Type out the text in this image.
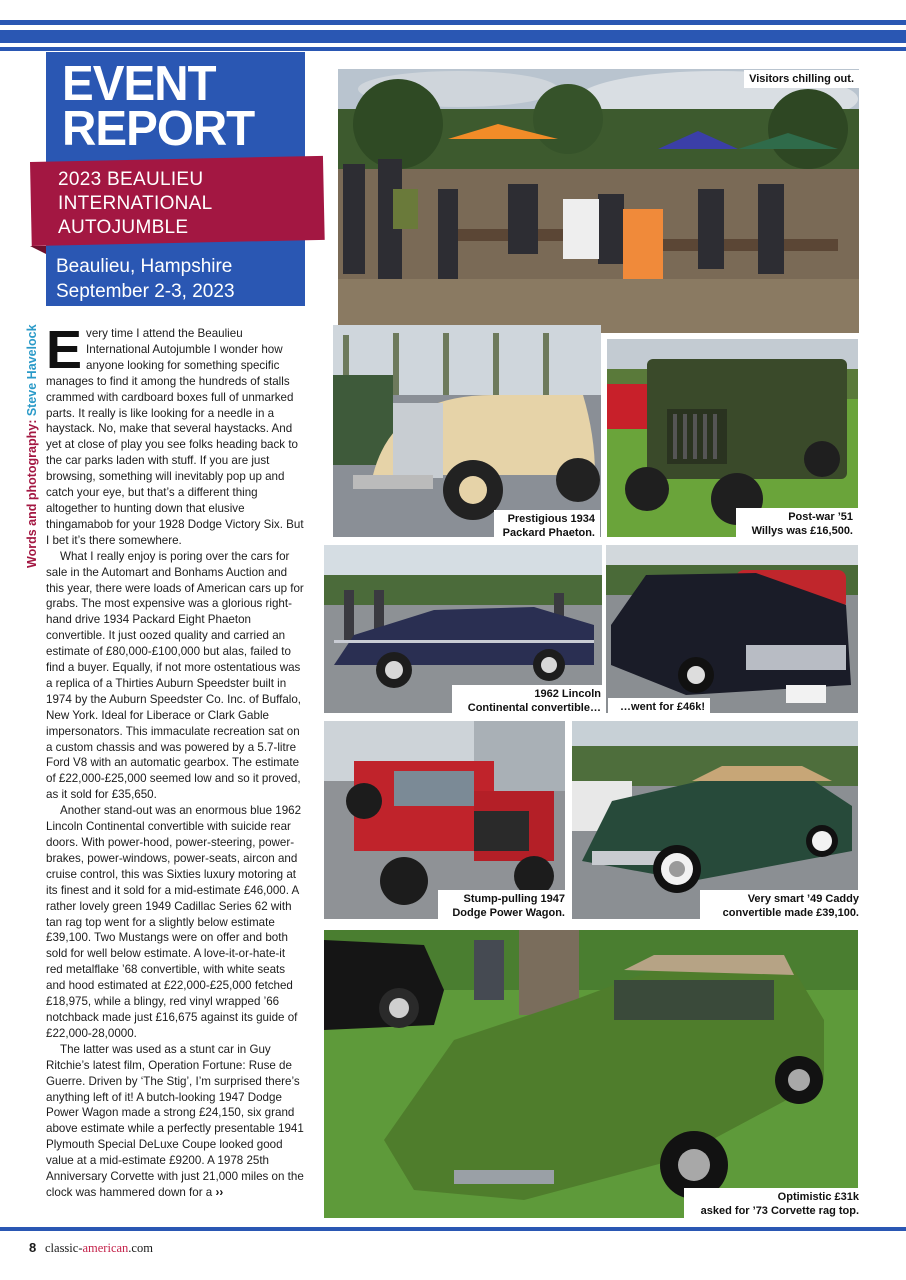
EVENT
REPORT
2023 BEAULIEU
INTERNATIONAL
AUTOJUMBLE
Beaulieu, Hampshire
September 2-3, 2023
Words and photography: Steve Havelock Every time I attend the Beaulieu International Autojumble I wonder how anyone looking for something specific manages to find it among the hundreds of stalls crammed with cardboard boxes full of unmarked parts. It really is like looking for a needle in a haystack. No, make that several haystacks. And yet at close of play you see folks heading back to the car parks laden with stuff. If you are just browsing, something will inevitably pop up and catch your eye, but that’s a different thing altogether to hunting down that elusive thingamabob for your 1928 Dodge Victory Six. But I bet it’s there somewhere.

What I really enjoy is poring over the cars for sale in the Automart and Bonhams Auction and this year, there were loads of American cars up for grabs. The most expensive was a glorious right-hand drive 1934 Packard Eight Phaeton convertible. It just oozed quality and carried an estimate of £80,000-£100,000 but alas, failed to find a buyer. Equally, if not more ostentatious was a replica of a Thirties Auburn Speedster built in 1974 by the Auburn Speedster Co. Inc. of Buffalo, New York. Ideal for Liberace or Clark Gable impersonators. This immaculate recreation sat on a custom chassis and was powered by a 5.7-litre Ford V8 with an automatic gearbox. The estimate of £22,000-£25,000 seemed low and so it proved, as it sold for £35,650.

Another stand-out was an enormous blue 1962 Lincoln Continental convertible with suicide rear doors. With power-hood, power-steering, power-brakes, power-windows, power-seats, aircon and cruise control, this was Sixties luxury motoring at its finest and it sold for a mid-estimate £46,000. A rather lovely green 1949 Cadillac Series 62 with tan rag top went for a slightly below estimate £39,100. Two Mustangs were on offer and both sold for well below estimate. A love-it-or-hate-it red metalflake ’68 convertible, with white seats and hood estimated at £22,000-£25,000 fetched £18,975, while a blingy, red vinyl wrapped ’66 notchback made just £16,675 against its guide of £22,000-28,0000.

The latter was used as a stunt car in Guy Ritchie’s latest film, Operation Fortune: Ruse de Guerre. Driven by ‘The Stig’, I’m surprised there’s anything left of it! A butch-looking 1947 Dodge Power Wagon made a strong £24,150, six grand above estimate while a perfectly presentable 1941 Plymouth Special DeLuxe Coupe looked good value at a mid-estimate £9200. A 1978 25th Anniversary Corvette with just 21,000 miles on the clock was hammered down for a ››

Visitors chilling out.
Prestigious 1934
Packard Phaeton.
Post-war ’51
Willys was £16,500.
1962 Lincoln
Continental convertible…	…went for £46k!
Stump-pulling 1947
Dodge Power Wagon.
Very smart ’49 Caddy
convertible made £39,100.
Optimistic £31k
asked for ’73 Corvette rag top.
8 classic-american.com
